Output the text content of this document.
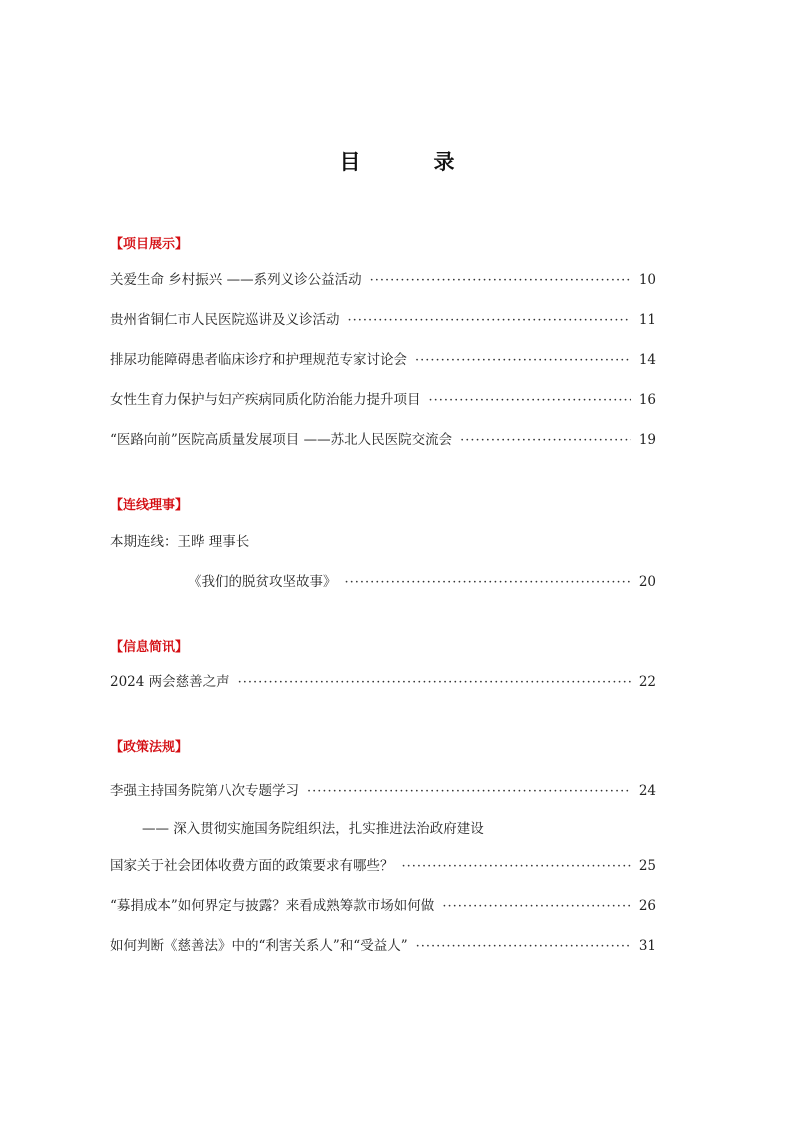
目　录
【项目展示】
关爱生命 乡村振兴 ——系列义诊公益活动 ·····	10
贵州省铜仁市人民医院巡讲及义诊活动 ·····	11
排尿功能障碍患者临床诊疗和护理规范专家讨论会 ·····	14
女性生育力保护与妇产疾病同质化防治能力提升项目 ·····	16
“医路向前”医院高质量发展项目 ——苏北人民医院交流会 ·····	19
【连线理事】
本期连线：王晔 理事长
《我们的脱贫攻坚故事》 ·····	20
【信息简讯】
2024 两会慈善之声 ·····	22
【政策法规】
李强主持国务院第八次专题学习 ·····	24
—— 深入贯彻实施国务院组织法，扎实推进法治政府建设
国家关于社会团体收费方面的政策要求有哪些？ ·····	25
“募捐成本”如何界定与披露？来看成熟筹款市场如何做 ·····	26
如何判断《慈善法》中的“利害关系人”和“受益人” ·····	31
